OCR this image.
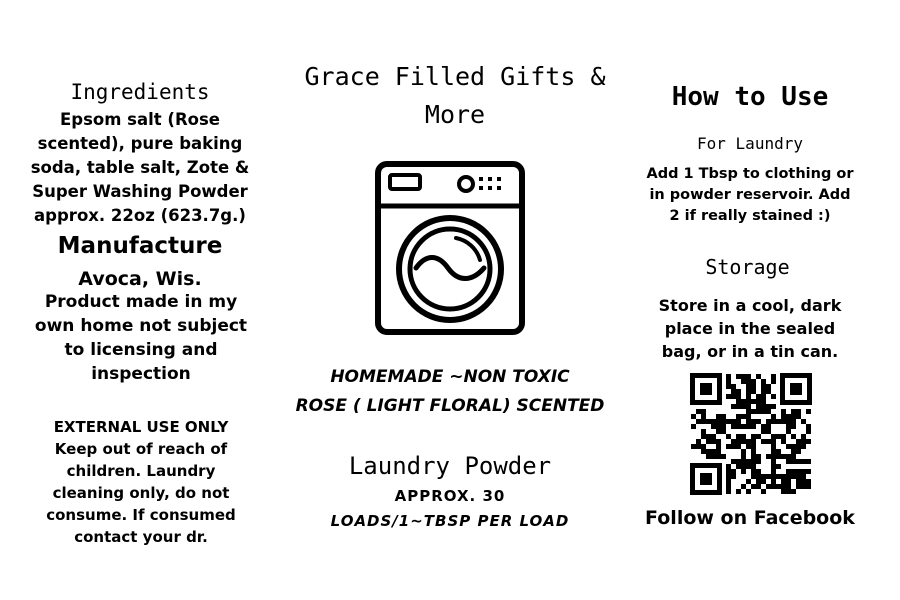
Ingredients
Epsom salt (Rose scented), pure baking soda, table salt, Zote & Super Washing Powder approx. 22oz (623.7g.)
Manufacture
Avoca, Wis.
Product made in my own home not subject to licensing and inspection
EXTERNAL USE ONLY Keep out of reach of children. Laundry cleaning only, do not consume. If consumed contact your dr.
Grace Filled Gifts & More
HOMEMADE ~NON TOXIC
ROSE ( LIGHT FLORAL) SCENTED
Laundry Powder
APPROX. 30
LOADS/1~TBSP PER LOAD
How to Use
For Laundry
Add 1 Tbsp to clothing or in powder reservoir. Add 2 if really stained :)
Storage
Store in a cool, dark place in the sealed bag, or in a tin can.
Follow on Facebook
